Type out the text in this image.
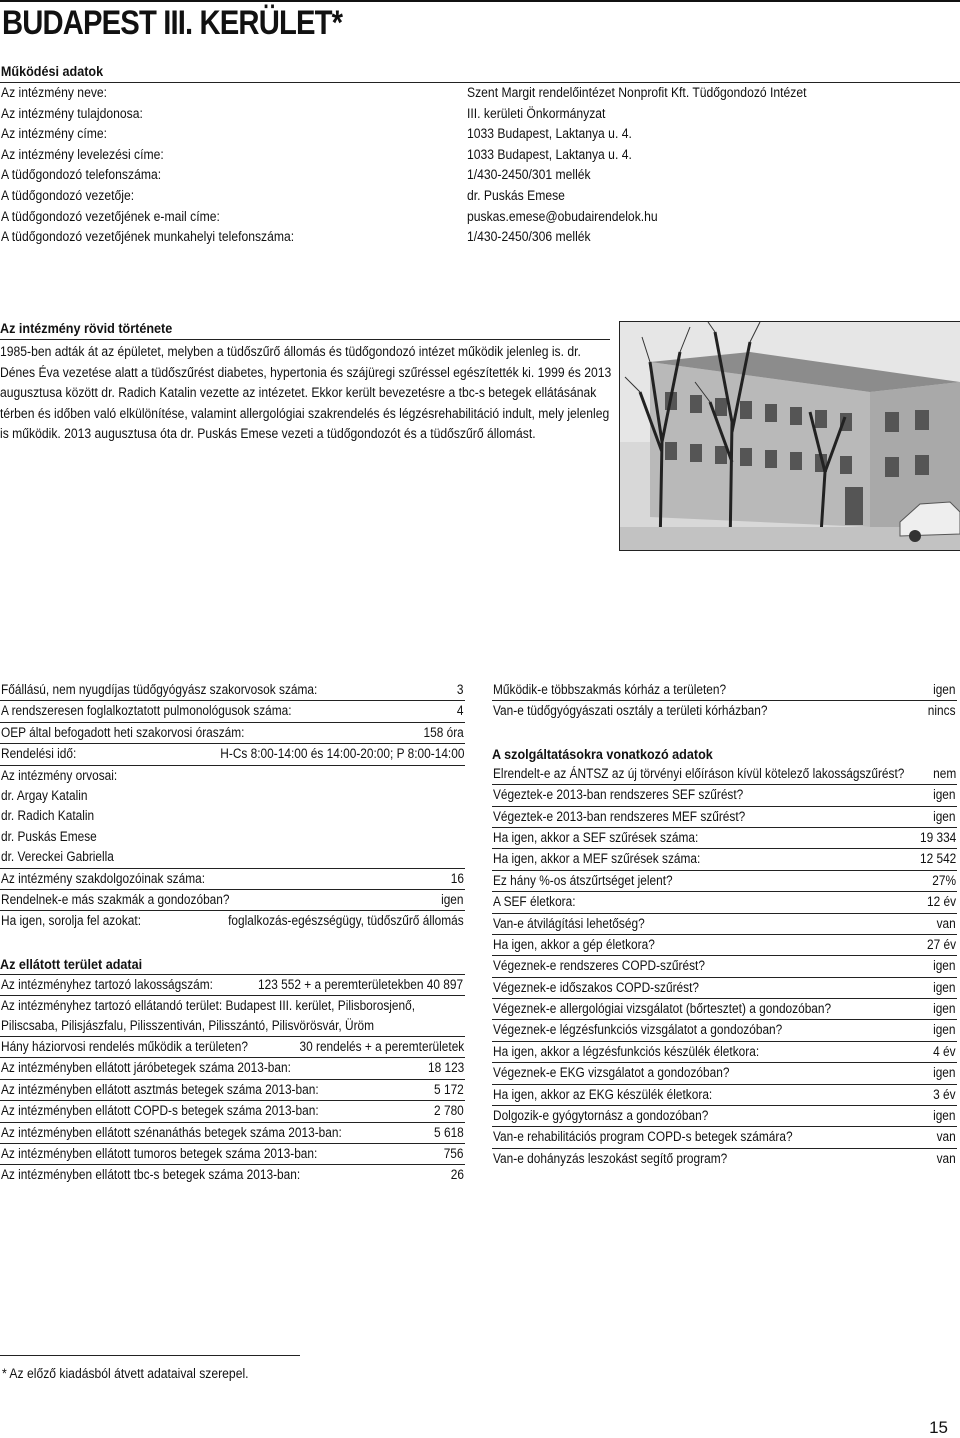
BUDAPEST III. KERÜLET*
Működési adatok
Az intézmény neve:	Szent Margit rendelőintézet Nonprofit Kft. Tüdőgondozó Intézet
Az intézmény tulajdonosa:	III. kerületi Önkormányzat
Az intézmény címe:	1033 Budapest, Laktanya u. 4.
Az intézmény levelezési címe:	1033 Budapest, Laktanya u. 4.
A tüdőgondozó telefonszáma:	1/430-2450/301 mellék
A tüdőgondozó vezetője:	dr. Puskás Emese
A tüdőgondozó vezetőjének e-mail címe:	puskas.emese@obudairendelok.hu
A tüdőgondozó vezetőjének munkahelyi telefonszáma:	1/430-2450/306 mellék
Az intézmény rövid története

1985-ben adták át az épületet, melyben a tüdőszűrő állomás és tüdőgondozó intézet működik jelenleg is. dr. Dénes Éva vezetése alatt a tüdőszűrést diabetes, hypertonia és szájüregi szűréssel egészítették ki. 1999 és 2013 augusztusa között dr. Radich Katalin vezette az intézetet. Ekkor került bevezetésre a tbc-s betegek ellátásának térben és időben való elkülönítése, valamint allergológiai szakrendelés és légzésrehabilitáció indult, mely jelenleg is működik. 2013 augusztusa óta dr. Puskás Emese vezeti a tüdőgondozót és a tüdőszűrő állomást.

Főállású, nem nyugdíjas tüdőgyógyász szakorvosok száma:	3
A rendszeresen foglalkoztatott pulmonológusok száma:	4
OEP által befogadott heti szakorvosi óraszám:	158 óra
Rendelési idő:	H-Cs 8:00-14:00 és 14:00-20:00; P 8:00-14:00
Az intézmény orvosai:
dr. Argay Katalin
dr. Radich Katalin
dr. Puskás Emese
dr. Vereckei Gabriella
Az intézmény szakdolgozóinak száma:	16
Rendelnek-e más szakmák a gondozóban?	igen
Ha igen, sorolja fel azokat:	foglalkozás-egészségügy, tüdőszűrő állomás
Az ellátott terület adatai
Az intézményhez tartozó lakosságszám:	123 552 + a peremterületekben 40 897
Az intézményhez tartozó ellátandó terület: Budapest III. kerület, Pilisborosjenő, Piliscsaba, Pilisjászfalu, Pilisszentiván, Pilisszántó, Pilisvörösvár, Üröm
Hány háziorvosi rendelés működik a területen?	30 rendelés + a peremterületek
Az intézményben ellátott járóbetegek száma 2013-ban:	18 123
Az intézményben ellátott asztmás betegek száma 2013-ban:	5 172
Az intézményben ellátott COPD-s betegek száma 2013-ban:	2 780
Az intézményben ellátott szénanáthás betegek száma 2013-ban:	5 618
Az intézményben ellátott tumoros betegek száma 2013-ban:	756
Az intézményben ellátott tbc-s betegek száma 2013-ban:	26
Működik-e többszakmás kórház a területen?	igen
Van-e tüdőgyógyászati osztály a területi kórházban?	nincs
A szolgáltatásokra vonatkozó adatok
Elrendelt-e az ÁNTSZ az új törvényi előíráson kívül kötelező lakosságszűrést? nem
Végeztek-e 2013-ban rendszeres SEF szűrést?	igen
Végeztek-e 2013-ban rendszeres MEF szűrést?	igen
Ha igen, akkor a SEF szűrések száma:	19 334
Ha igen, akkor a MEF szűrések száma:	12 542
Ez hány %-os átszűrtséget jelent?	27%
A SEF életkora:	12 év
Van-e átvilágítási lehetőség?	van
Ha igen, akkor a gép életkora?	27 év
Végeznek-e rendszeres COPD-szűrést?	igen
Végeznek-e időszakos COPD-szűrést?	igen
Végeznek-e allergológiai vizsgálatot (bőrtesztet) a gondozóban?	igen
Végeznek-e légzésfunkciós vizsgálatot a gondozóban?	igen
Ha igen, akkor a légzésfunkciós készülék életkora:	4 év
Végeznek-e EKG vizsgálatot a gondozóban?	igen
Ha igen, akkor az EKG készülék életkora:	3 év
Dolgozik-e gyógytornász a gondozóban?	igen
Van-e rehabilitációs program COPD-s betegek számára?	van
Van-e dohányzás leszokást segítő program?	van
* Az előző kiadásból átvett adataival szerepel.
15
